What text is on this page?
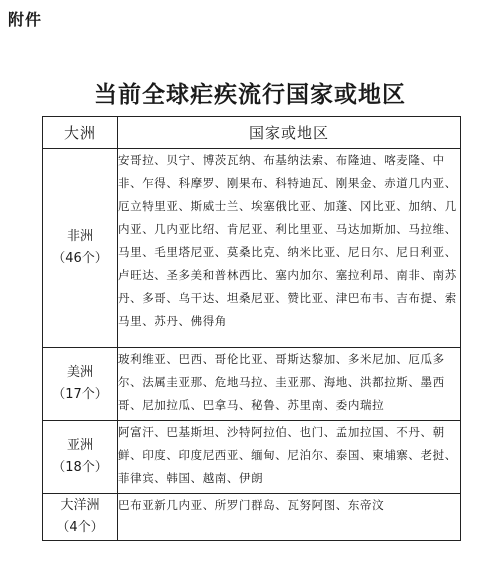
附件
当前全球疟疾流行国家或地区
大洲	国家或地区
非洲
（46个）	安哥拉、贝宁、博茨瓦纳、布基纳法索、布隆迪、喀麦隆、中非、乍得、科摩罗、刚果布、科特迪瓦、刚果金、赤道几内亚、厄立特里亚、斯威士兰、埃塞俄比亚、加蓬、冈比亚、加纳、几内亚、几内亚比绍、肯尼亚、利比里亚、马达加斯加、马拉维、马里、毛里塔尼亚、莫桑比克、纳米比亚、尼日尔、尼日利亚、卢旺达、圣多美和普林西比、塞内加尔、塞拉利昂、南非、南苏丹、多哥、乌干达、坦桑尼亚、赞比亚、津巴布韦、吉布提、索马里、苏丹、佛得角
美洲
（17个）	玻利维亚、巴西、哥伦比亚、哥斯达黎加、多米尼加、厄瓜多尔、法属圭亚那、危地马拉、圭亚那、海地、洪都拉斯、墨西哥、尼加拉瓜、巴拿马、秘鲁、苏里南、委内瑞拉
亚洲
（18个）	阿富汗、巴基斯坦、沙特阿拉伯、也门、孟加拉国、不丹、朝鲜、印度、印度尼西亚、缅甸、尼泊尔、泰国、柬埔寨、老挝、菲律宾、韩国、越南、伊朗
大洋洲
（4个）	巴布亚新几内亚、所罗门群岛、瓦努阿图、东帝汶
